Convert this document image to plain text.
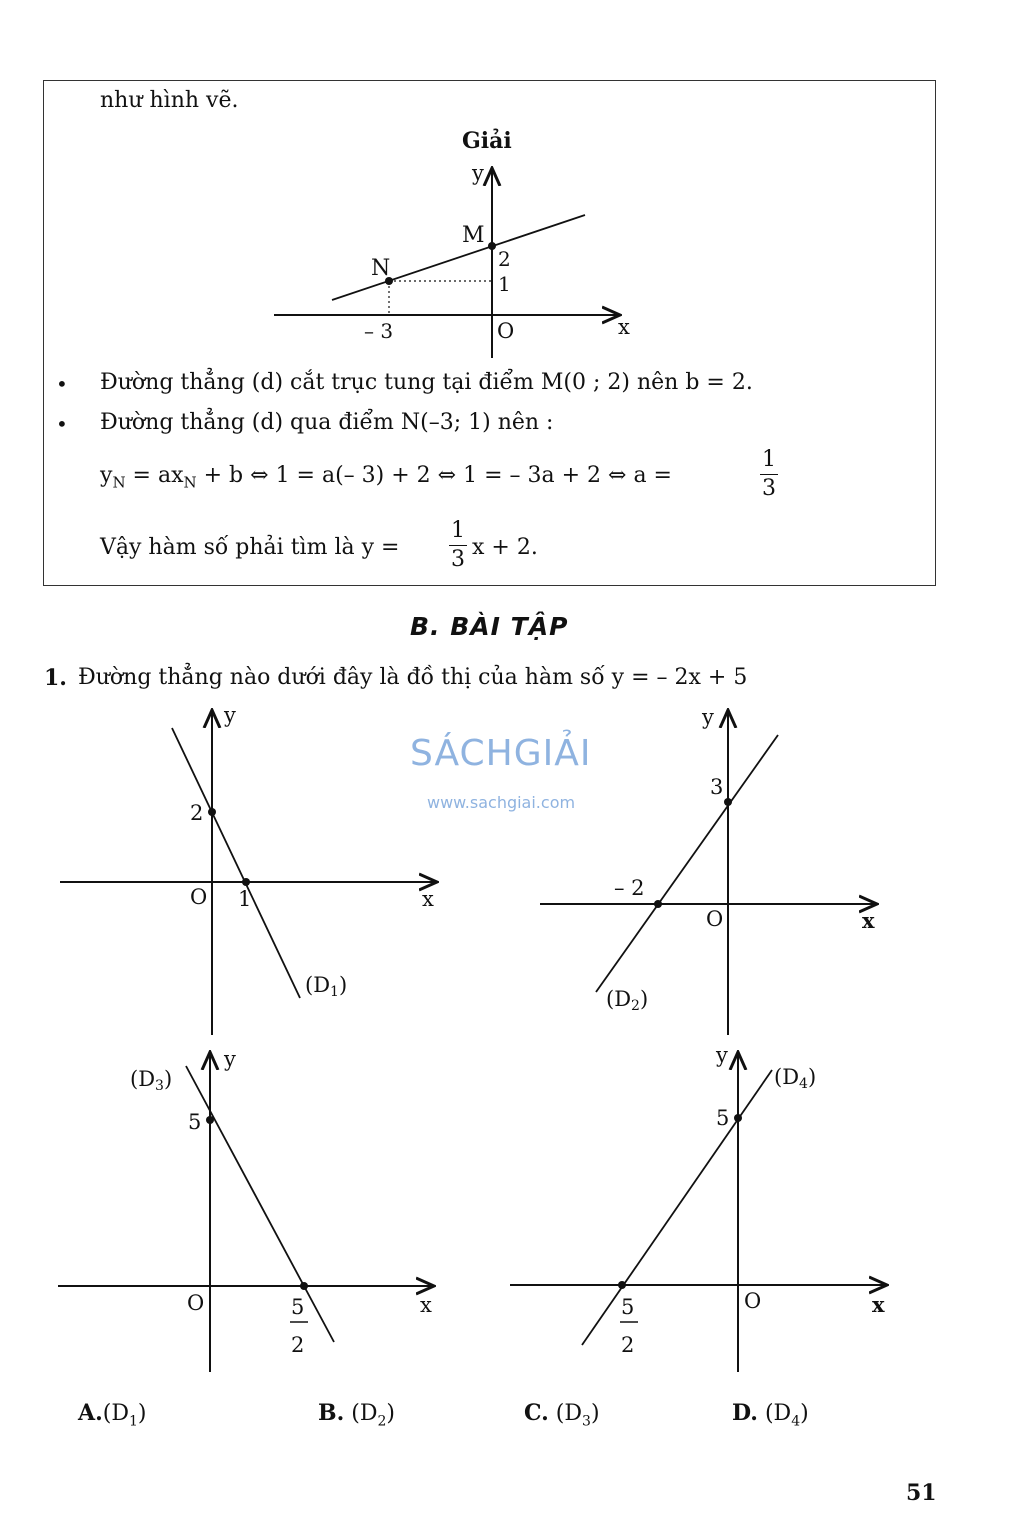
như hình vẽ.
Giải
y
x
O
M
N	2
1
– 3
• Đường thẳng (d) cắt trục tung tại điểm M(0 ; 2) nên b = 2.
• Đường thẳng (d) qua điểm N(–3; 1) nên :
$y_N = ax_N + b$ ⇔ 1 = a(– 3) + 2 ⇔ 1 = – 3a + 2 ⇔ a =
1
3
Vậy hàm số phải tìm là y =
1
3 x + 2.
B. BÀI TẬP
1. Đường thẳng nào dưới đây là đồ thị của hàm số y = – 2x + 5
SÁCHGIẢI
www.sachgiai.com
y
x
O
2
1
(D1)
y
x
O
3
– 2
(D2)
y
x
O
5
5
2
(D3)
y
x
O
5
5
2
(D4)
$A.(D_1)$	B. $(D_2)$	C. $(D_3)$	D. $(D_4)$
51
